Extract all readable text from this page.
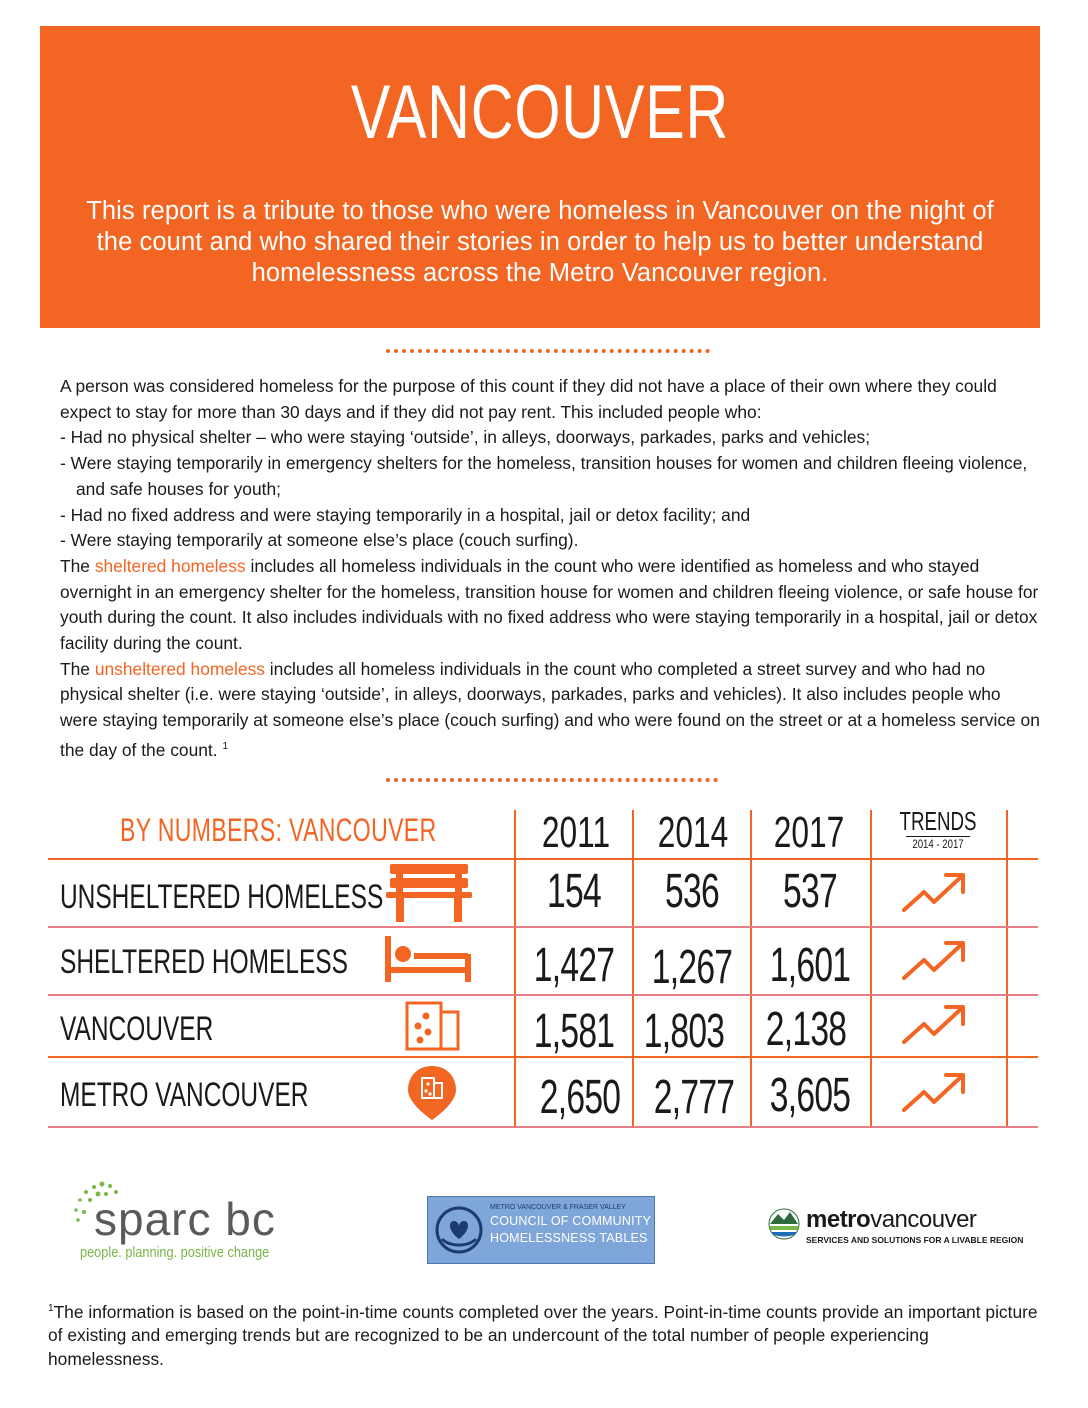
VANCOUVER
This report is a tribute to those who were homeless in Vancouver on the night of the count and who shared their stories in order to help us to better understand homelessness across the Metro Vancouver region.

A person was considered homeless for the purpose of this count if they did not have a place of their own where they could expect to stay for more than 30 days and if they did not pay rent. This included people who:

- Had no physical shelter – who were staying ‘outside’, in alleys, doorways, parkades, parks and vehicles;

- Were staying temporarily in emergency shelters for the homeless, transition houses for women and children fleeing violence, and safe houses for youth;

- Had no fixed address and were staying temporarily in a hospital, jail or detox facility; and

- Were staying temporarily at someone else’s place (couch surfing).

The sheltered homeless includes all homeless individuals in the count who were identified as homeless and who stayed overnight in an emergency shelter for the homeless, transition house for women and children fleeing violence, or safe house for youth during the count. It also includes individuals with no fixed address who were staying temporarily in a hospital, jail or detox facility during the count.

The unsheltered homeless includes all homeless individuals in the count who completed a street survey and who had no physical shelter (i.e. were staying ‘outside’, in alleys, doorways, parkades, parks and vehicles). It also includes people who were staying temporarily at someone else’s place (couch surfing) and who were found on the street or at a homeless service on the day of the count. $^1$

BY NUMBERS: VANCOUVER 2011 2014 2017	TRENDS
2014 - 2017
UNSHELTERED HOMELESS	154	536	537
SHELTERED HOMELESS	1,427 1,267 1,601
VANCOUVER	1,581 1,803 2,138
METRO VANCOUVER	2,650 2,777 3,605
sparc bc
people. planning. positive change
METRO VANCOUVER & FRASER VALLEY
COUNCIL OF COMMUNITY
HOMELESSNESS TABLES
metrovancouver
SERVICES AND SOLUTIONS FOR A LIVABLE REGION
$^1$The information is based on the point-in-time counts completed over the years. Point-in-time counts provide an important picture of existing and emerging trends but are recognized to be an undercount of the total number of people experiencing homelessness.
